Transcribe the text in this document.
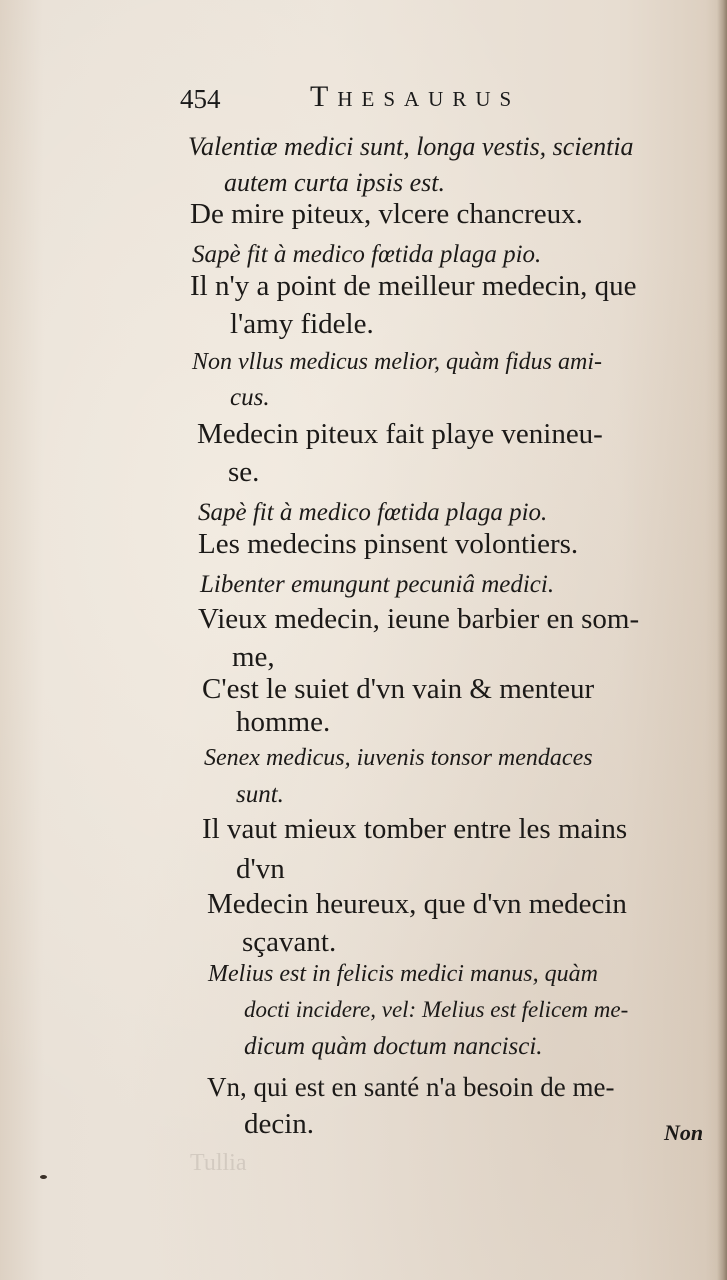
454	Thesaurus
Valentiæ medici sunt, longa vestis, scientia
autem curta ipsis est.
De mire piteux, vlcere chancreux.
Sapè fit à medico fœtida plaga pio.
Il n'y a point de meilleur medecin, que
l'amy fidele.
Non vllus medicus melior, quàm fidus ami-
cus.
Medecin piteux fait playe venineu-
se.
Sapè fit à medico fœtida plaga pio.
Les medecins pinsent volontiers.
Libenter emungunt pecuniâ medici.
Vieux medecin, ieune barbier en som-
me,
C'est le suiet d'vn vain & menteur
homme.
Senex medicus, iuvenis tonsor mendaces
sunt.
Il vaut mieux tomber entre les mains
d'vn
Medecin heureux, que d'vn medecin
sçavant.
Melius est in felicis medici manus, quàm
docti incidere, vel: Melius est felicem me-
dicum quàm doctum nancisci.
Vn, qui est en santé n'a besoin de me-
decin.	Non
Tullia
